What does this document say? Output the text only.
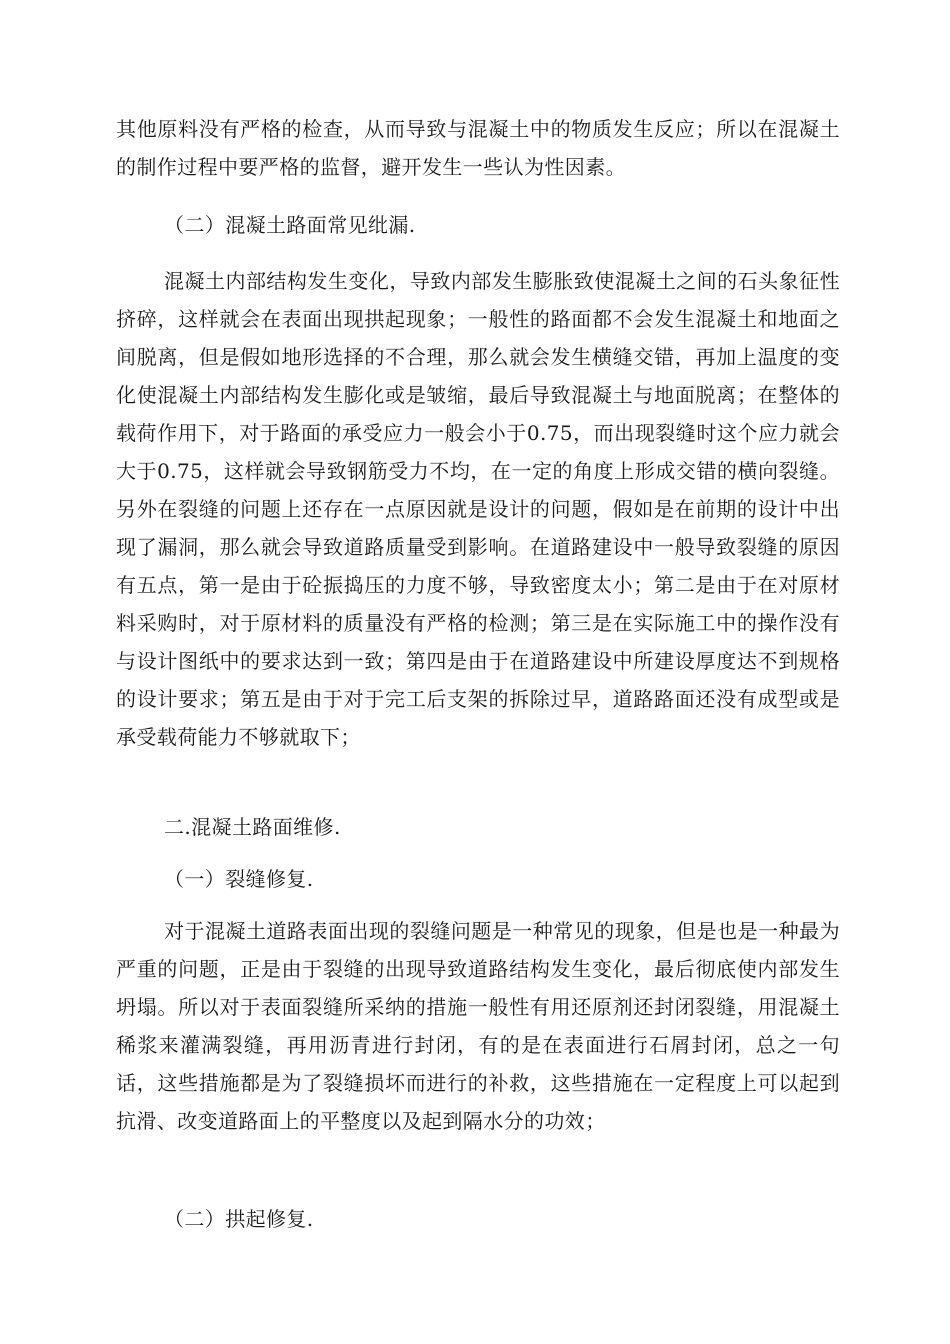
其他原料没有严格的检查，从而导致与混凝土中的物质发生反应；所以在混凝土的制作过程中要严格的监督，避开发生一些认为性因素。

（二）混凝土路面常见纰漏.

混凝土内部结构发生变化，导致内部发生膨胀致使混凝土之间的石头象征性挤碎，这样就会在表面出现拱起现象；一般性的路面都不会发生混凝土和地面之间脱离，但是假如地形选择的不合理，那么就会发生横缝交错，再加上温度的变化使混凝土内部结构发生膨化或是皱缩，最后导致混凝土与地面脱离；在整体的载荷作用下，对于路面的承受应力一般会小于0.75，而出现裂缝时这个应力就会大于0.75，这样就会导致钢筋受力不均，在一定的角度上形成交错的横向裂缝。另外在裂缝的问题上还存在一点原因就是设计的问题，假如是在前期的设计中出现了漏洞，那么就会导致道路质量受到影响。在道路建设中一般导致裂缝的原因有五点，第一是由于砼振捣压的力度不够，导致密度太小；第二是由于在对原材料采购时，对于原材料的质量没有严格的检测；第三是在实际施工中的操作没有与设计图纸中的要求达到一致；第四是由于在道路建设中所建设厚度达不到规格的设计要求；第五是由于对于完工后支架的拆除过早，道路路面还没有成型或是承受载荷能力不够就取下；

二.混凝土路面维修.

（一）裂缝修复.

对于混凝土道路表面出现的裂缝问题是一种常见的现象，但是也是一种最为严重的问题，正是由于裂缝的出现导致道路结构发生变化，最后彻底使内部发生坍塌。所以对于表面裂缝所采纳的措施一般性有用还原剂还封闭裂缝，用混凝土稀浆来灌满裂缝，再用沥青进行封闭，有的是在表面进行石屑封闭，总之一句话，这些措施都是为了裂缝损坏而进行的补救，这些措施在一定程度上可以起到抗滑、改变道路面上的平整度以及起到隔水分的功效；

（二）拱起修复.
